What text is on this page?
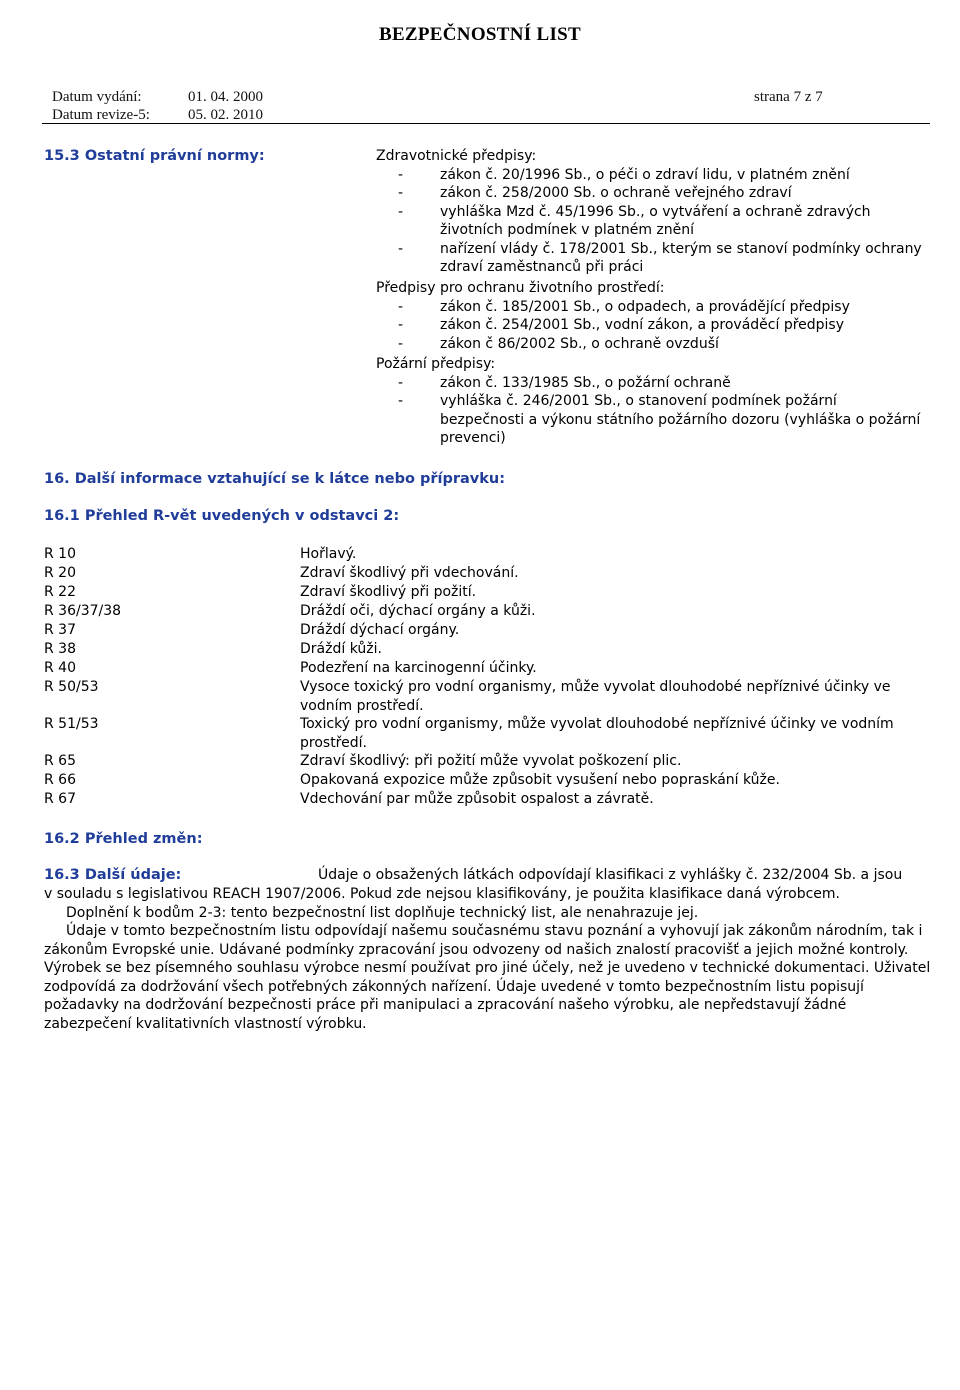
BEZPEČNOSTNÍ LIST
Datum vydání:	01. 04. 2000	strana 7 z 7
Datum revize-5:	05. 02. 2010
15.3 Ostatní právní normy:	Zdravotnické předpisy:
-	zákon č. 20/1996 Sb., o péči o zdraví lidu, v platném znění
-	zákon č. 258/2000 Sb. o ochraně veřejného zdraví
-	vyhláška Mzd č. 45/1996 Sb., o vytváření a ochraně zdravých
životních podmínek v platném znění
-	nařízení vlády č. 178/2001 Sb., kterým se stanoví podmínky ochrany
zdraví zaměstnanců při práci
Předpisy pro ochranu životního prostředí:
-	zákon č. 185/2001 Sb., o odpadech, a provádějící předpisy
-	zákon č. 254/2001 Sb., vodní zákon, a prováděcí předpisy
-	zákon č 86/2002 Sb., o ochraně ovzduší
Požární předpisy:
-	zákon č. 133/1985 Sb., o požární ochraně
-	vyhláška č. 246/2001 Sb., o stanovení podmínek požární
bezpečnosti a výkonu státního požárního dozoru (vyhláška o požární
prevenci)
16. Další informace vztahující se k látce nebo přípravku:
16.1 Přehled R-vět uvedených v odstavci 2:
R 10	Hořlavý.
R 20	Zdraví škodlivý při vdechování.
R 22	Zdraví škodlivý při požití.
R 36/37/38	Dráždí oči, dýchací orgány a kůži.
R 37	Dráždí dýchací orgány.
R 38	Dráždí kůži.
R 40	Podezření na karcinogenní účinky.
R 50/53	Vysoce toxický pro vodní organismy, může vyvolat dlouhodobé nepříznivé účinky ve
vodním prostředí.
R 51/53	Toxický pro vodní organismy, může vyvolat dlouhodobé nepříznivé účinky ve vodním
prostředí.
R 65	Zdraví škodlivý: při požití může vyvolat poškození plic.
R 66	Opakovaná expozice může způsobit vysušení nebo popraskání kůže.
R 67	Vdechování par může způsobit ospalost a závratě.
16.2 Přehled změn:
16.3 Další údaje:	Údaje o obsažených látkách odpovídají klasifikaci z vyhlášky č. 232/2004 Sb. a jsou
v souladu s legislativou REACH 1907/2006. Pokud zde nejsou klasifikovány, je použita klasifikace daná výrobcem.
Doplnění k bodům 2-3: tento bezpečnostní list doplňuje technický list, ale nenahrazuje jej.
Údaje v tomto bezpečnostním listu odpovídají našemu současnému stavu poznání a vyhovují jak zákonům národním, tak i
zákonům Evropské unie. Udávané podmínky zpracování jsou odvozeny od našich znalostí pracovišť a jejich možné kontroly.
Výrobek se bez písemného souhlasu výrobce nesmí používat pro jiné účely, než je uvedeno v technické dokumentaci. Uživatel
zodpovídá za dodržování všech potřebných zákonných nařízení. Údaje uvedené v tomto bezpečnostním listu popisují
požadavky na dodržování bezpečnosti práce při manipulaci a zpracování našeho výrobku, ale nepředstavují žádné
zabezpečení kvalitativních vlastností výrobku.
